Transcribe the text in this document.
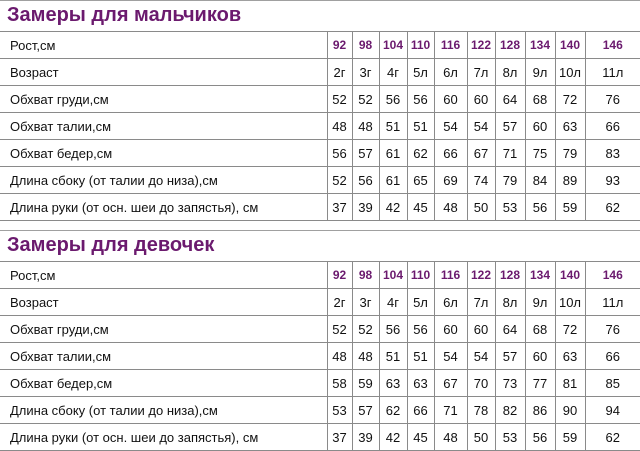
Замеры для мальчиков
Рост,см	92	98	104	110	116	122	128	134	140	146
Возраст	2г	3г	4г	5л	6л	7л	8л	9л	10л	11л
Обхват груди,см	52	52	56	56	60	60	64	68	72	76
Обхват талии,см	48	48	51	51	54	54	57	60	63	66
Обхват бедер,см	56	57	61	62	66	67	71	75	79	83
Длина сбоку (от талии до низа),см	52	56	61	65	69	74	79	84	89	93
Длина руки (от осн. шеи до запястья), см	37	39	42	45	48	50	53	56	59	62
Замеры для девочек
Рост,см	92	98	104	110	116	122	128	134	140	146
Возраст	2г	3г	4г	5л	6л	7л	8л	9л	10л	11л
Обхват груди,см	52	52	56	56	60	60	64	68	72	76
Обхват талии,см	48	48	51	51	54	54	57	60	63	66
Обхват бедер,см	58	59	63	63	67	70	73	77	81	85
Длина сбоку (от талии до низа),см	53	57	62	66	71	78	82	86	90	94
Длина руки (от осн. шеи до запястья), см	37	39	42	45	48	50	53	56	59	62
